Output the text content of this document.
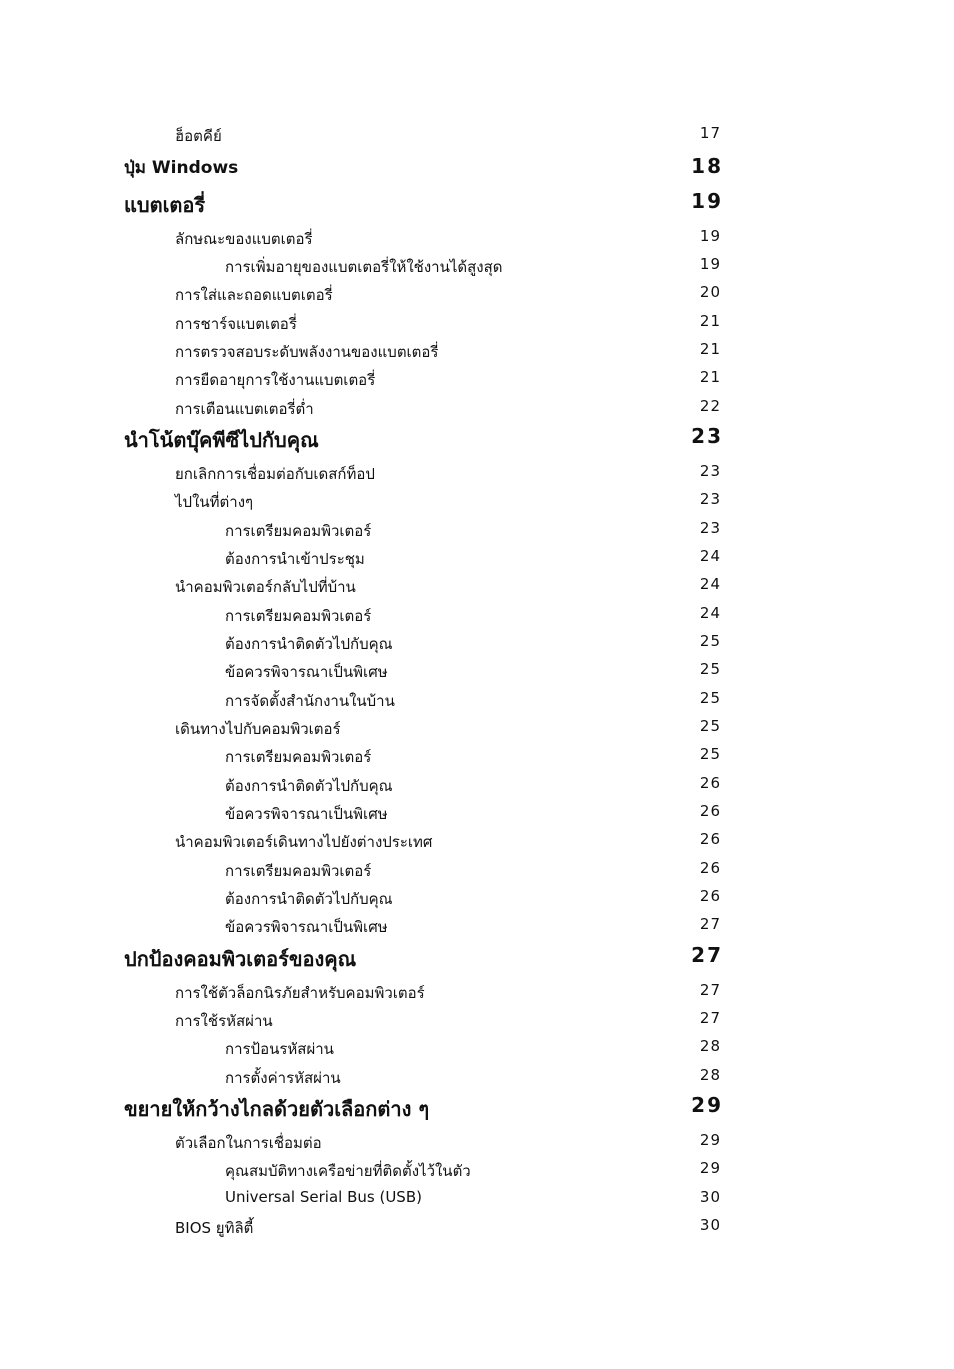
ฮ็อตคีย์	17
ปุ่ม Windows	18
แบตเตอรี่	19
ลักษณะของแบตเตอรี่	19
การเพิ่มอายุของแบตเตอรี่ให้ใช้งานได้สูงสุด	19
การใส่และถอดแบตเตอรี่	20
การชาร์จแบตเตอรี่	21
การตรวจสอบระดับพลังงานของแบตเตอรี่	21
การยืดอายุการใช้งานแบตเตอรี่	21
การเตือนแบตเตอรี่ต่ำ	22
นำโน้ตบุ๊คพีซีไปกับคุณ	23
ยกเลิกการเชื่อมต่อกับเดสก์ท็อป	23
ไปในที่ต่างๆ	23
การเตรียมคอมพิวเตอร์	23
ต้องการนำเข้าประชุม	24
นำคอมพิวเตอร์กลับไปที่บ้าน	24
การเตรียมคอมพิวเตอร์	24
ต้องการนำติดตัวไปกับคุณ	25
ข้อควรพิจารณาเป็นพิเศษ	25
การจัดตั้งสำนักงานในบ้าน	25
เดินทางไปกับคอมพิวเตอร์	25
การเตรียมคอมพิวเตอร์	25
ต้องการนำติดตัวไปกับคุณ	26
ข้อควรพิจารณาเป็นพิเศษ	26
นำคอมพิวเตอร์เดินทางไปยังต่างประเทศ	26
การเตรียมคอมพิวเตอร์	26
ต้องการนำติดตัวไปกับคุณ	26
ข้อควรพิจารณาเป็นพิเศษ	27
ปกป้องคอมพิวเตอร์ของคุณ	27
การใช้ตัวล็อกนิรภัยสำหรับคอมพิวเตอร์	27
การใช้รหัสผ่าน	27
การป้อนรหัสผ่าน	28
การตั้งค่ารหัสผ่าน	28
ขยายให้กว้างไกลด้วยตัวเลือกต่าง ๆ	29
ตัวเลือกในการเชื่อมต่อ	29
คุณสมบัติทางเครือข่ายที่ติดตั้งไว้ในตัว	29
Universal Serial Bus (USB)	30
BIOS ยูทิลิตี้	30
